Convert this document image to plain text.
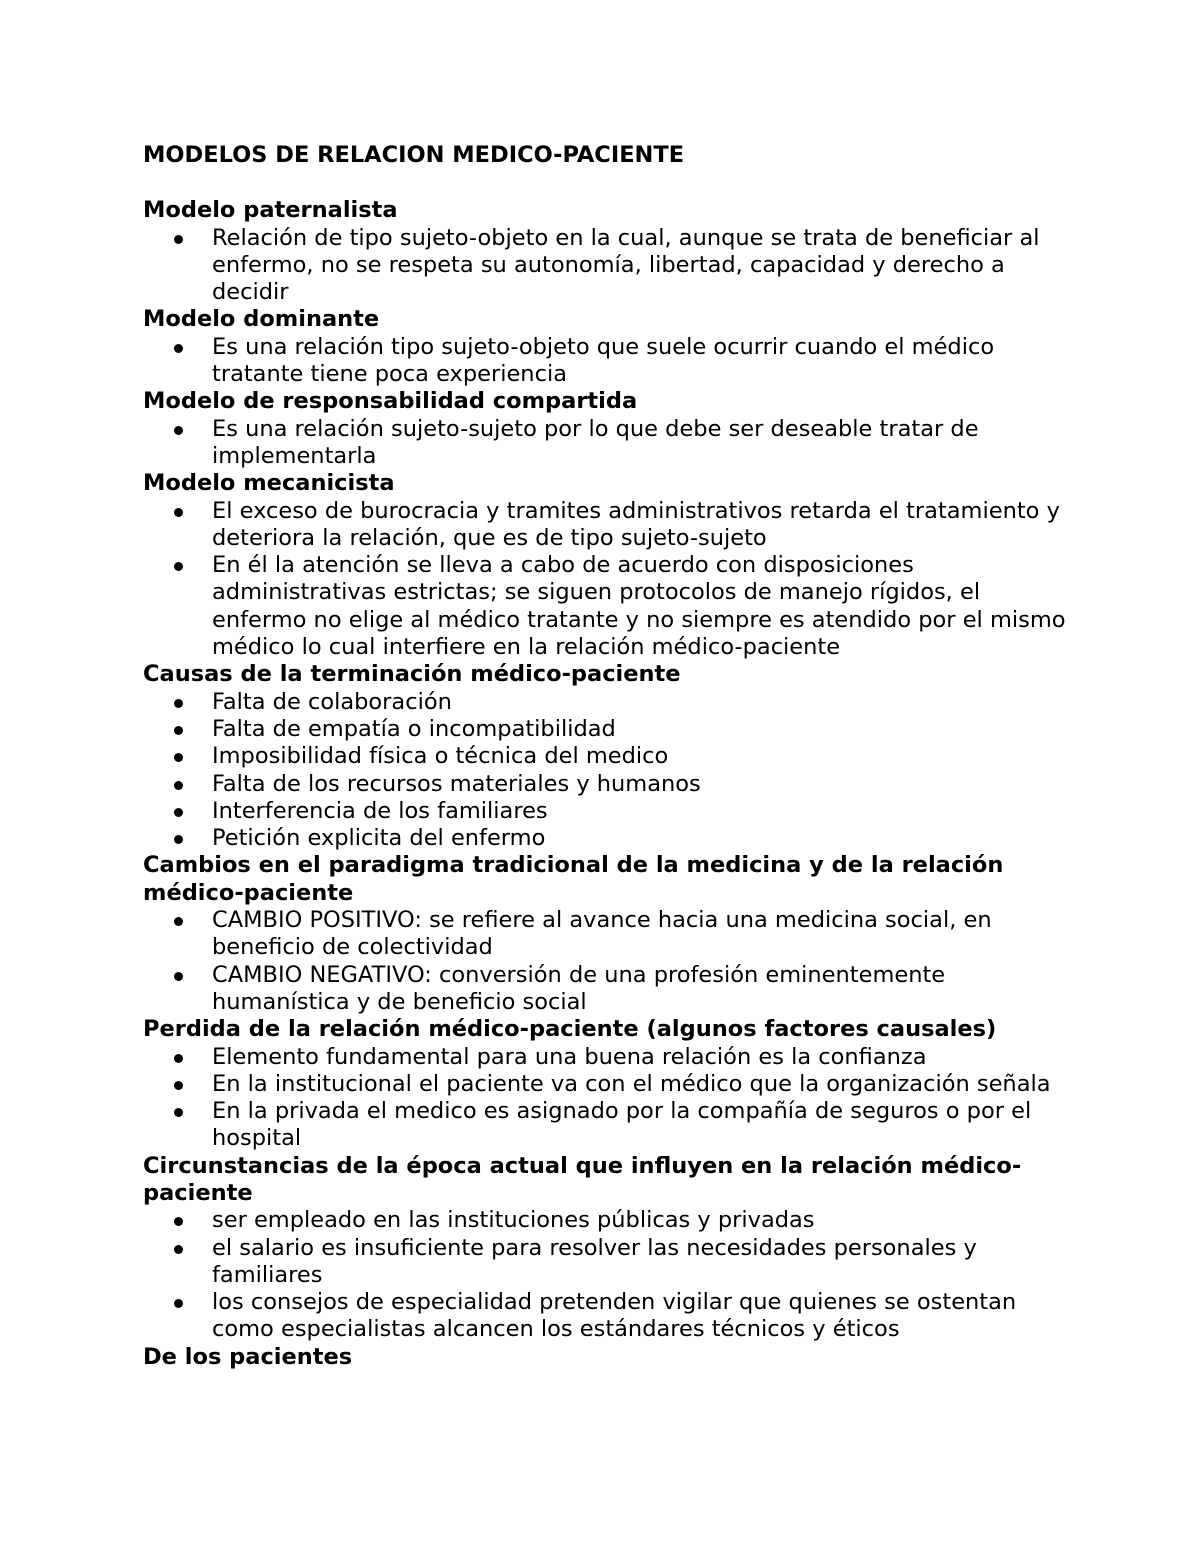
MODELOS DE RELACION MEDICO-PACIENTE
Modelo paternalista
Relación de tipo sujeto-objeto en la cual, aunque se trata de beneficiar al enfermo, no se respeta su autonomía, libertad, capacidad y derecho a decidir
Modelo dominante
Es una relación tipo sujeto-objeto que suele ocurrir cuando el médico tratante tiene poca experiencia
Modelo de responsabilidad compartida
Es una relación sujeto-sujeto por lo que debe ser deseable tratar de implementarla
Modelo mecanicista
El exceso de burocracia y tramites administrativos retarda el tratamiento y deteriora la relación, que es de tipo sujeto-sujeto
En él la atención se lleva a cabo de acuerdo con disposiciones administrativas estrictas; se siguen protocolos de manejo rígidos, el enfermo no elige al médico tratante y no siempre es atendido por el mismo médico lo cual interfiere en la relación médico-paciente
Causas de la terminación médico-paciente
Falta de colaboración
Falta de empatía o incompatibilidad
Imposibilidad física o técnica del medico
Falta de los recursos materiales y humanos
Interferencia de los familiares
Petición explicita del enfermo
Cambios en el paradigma tradicional de la medicina y de la relación médico-paciente
CAMBIO POSITIVO: se refiere al avance hacia una medicina social, en beneficio de colectividad
CAMBIO NEGATIVO: conversión de una profesión eminentemente humanística y de beneficio social
Perdida de la relación médico-paciente (algunos factores causales)
Elemento fundamental para una buena relación es la confianza
En la institucional el paciente va con el médico que la organización señala
En la privada el medico es asignado por la compañía de seguros o por el hospital
Circunstancias de la época actual que influyen en la relación médico-paciente
ser empleado en las instituciones públicas y privadas
el salario es insuficiente para resolver las necesidades personales y familiares
los consejos de especialidad pretenden vigilar que quienes se ostentan como especialistas alcancen los estándares técnicos y éticos
De los pacientes
